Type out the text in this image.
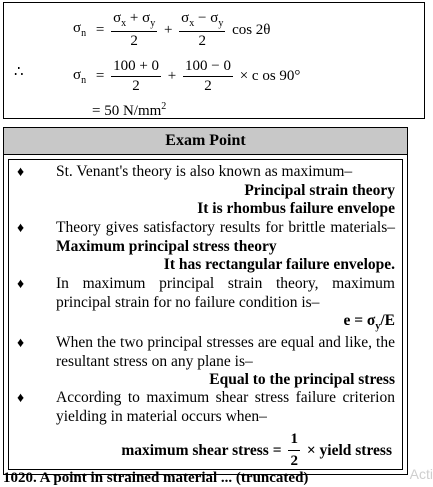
$\sigma_n = \frac{\sigma_x + \sigma_y}{2} + \frac{\sigma_x - \sigma_y}{2}$ cos 2θ
∴	$\sigma_n = \frac{100 + 0}{2} + \frac{100 - 0}{2} \times c$ os 90°
= 50 $N/mm^2$
Exam Point
♦ St. Venant's theory is also known as maximum–
Principal strain theory
It is rhombus failure envelope
♦ Theory gives satisfactory results for brittle materials– Maximum principal stress theory
It has rectangular failure envelope.
♦ In maximum principal strain theory, maximum principal strain for no failure condition is–
$e = \sigma_y/E$
♦ When the two principal stresses are equal and like, the resultant stress on any plane is–
Equal to the principal stress
♦ According to maximum shear stress failure criterion yielding in material occurs when–
maximum shear stress = $\frac{1}{2}$ × yield stress
1020. A point in strained material ... (truncated)	Acti
